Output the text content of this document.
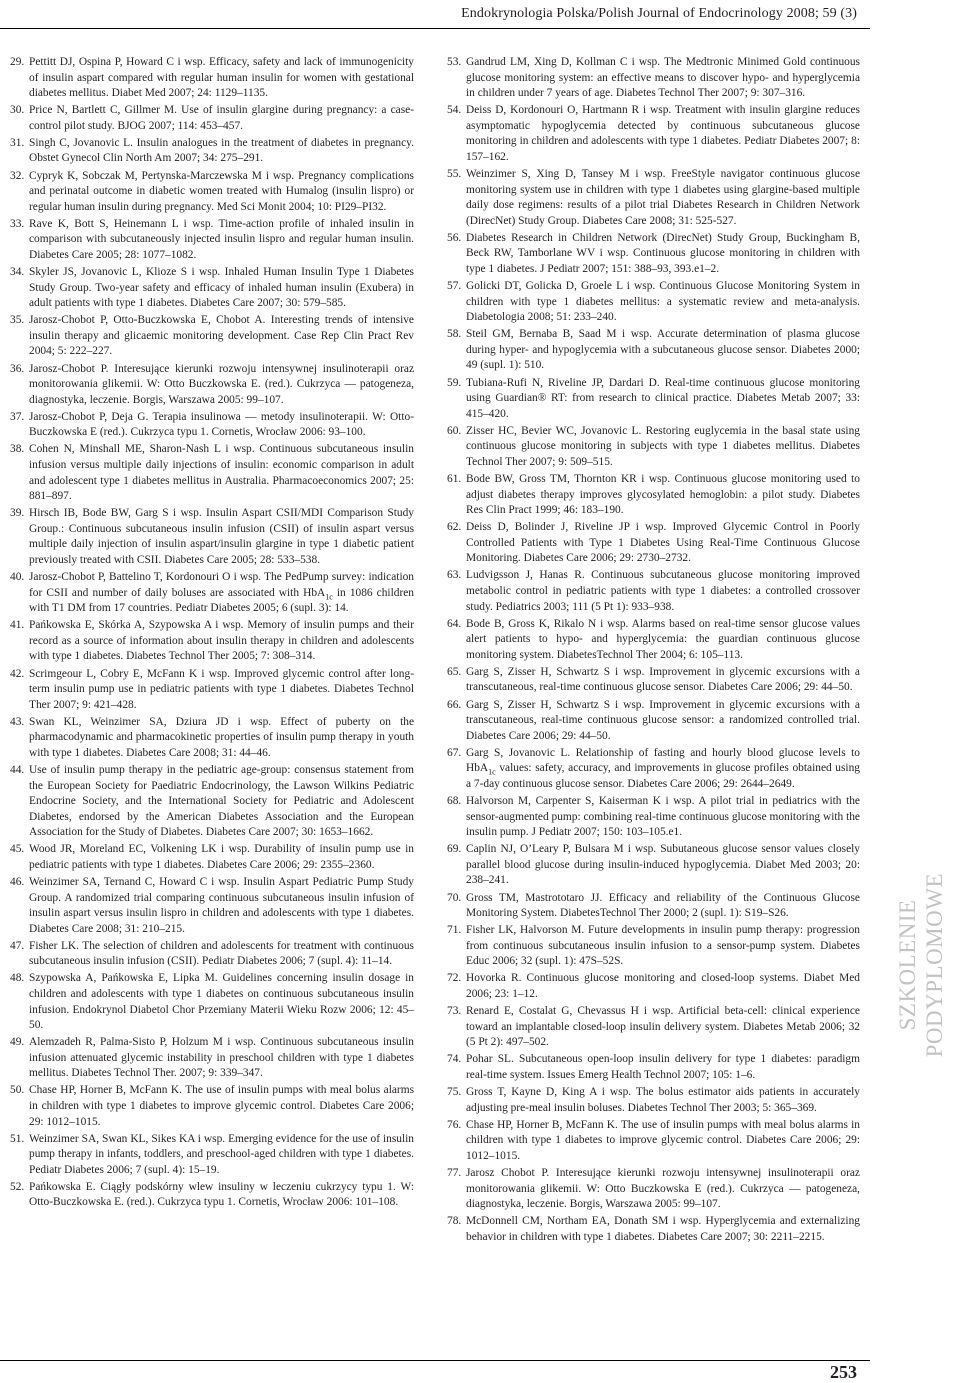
Endokrynologia Polska/Polish Journal of Endocrinology 2008; 59 (3)
29. Pettitt DJ, Ospina P, Howard C i wsp. Efficacy, safety and lack of immunogenicity of insulin aspart compared with regular human insulin for women with gestational diabetes mellitus. Diabet Med 2007; 24: 1129–1135.
30. Price N, Bartlett C, Gillmer M. Use of insulin glargine during pregnancy: a case-control pilot study. BJOG 2007; 114: 453–457.
31. Singh C, Jovanovic L. Insulin analogues in the treatment of diabetes in pregnancy. Obstet Gynecol Clin North Am 2007; 34: 275–291.
32. Cypryk K, Sobczak M, Pertynska-Marczewska M i wsp. Pregnancy complications and perinatal outcome in diabetic women treated with Humalog (insulin lispro) or regular human insulin during pregnancy. Med Sci Monit 2004; 10: PI29–PI32.
33. Rave K, Bott S, Heinemann L i wsp. Time-action profile of inhaled insulin in comparison with subcutaneously injected insulin lispro and regular human insulin. Diabetes Care 2005; 28: 1077–1082.
34. Skyler JS, Jovanovic L, Klioze S i wsp. Inhaled Human Insulin Type 1 Diabetes Study Group. Two-year safety and efficacy of inhaled human insulin (Exubera) in adult patients with type 1 diabetes. Diabetes Care 2007; 30: 579–585.
35. Jarosz-Chobot P, Otto-Buczkowska E, Chobot A. Interesting trends of intensive insulin therapy and glicaemic monitoring development. Case Rep Clin Pract Rev 2004; 5: 222–227.
36. Jarosz-Chobot P. Interesujące kierunki rozwoju intensywnej insulinoterapii oraz monitorowania glikemii. W: Otto Buczkowska E. (red.). Cukrzyca — patogeneza, diagnostyka, leczenie. Borgis, Warszawa 2005: 99–107.
37. Jarosz-Chobot P, Deja G. Terapia insulinowa — metody insulinoterapii. W: Otto-Buczkowska E (red.). Cukrzyca typu 1. Cornetis, Wrocław 2006: 93–100.
38. Cohen N, Minshall ME, Sharon-Nash L i wsp. Continuous subcutaneous insulin infusion versus multiple daily injections of insulin: economic comparison in adult and adolescent type 1 diabetes mellitus in Australia. Pharmacoeconomics 2007; 25: 881–897.
39. Hirsch IB, Bode BW, Garg S i wsp. Insulin Aspart CSII/MDI Comparison Study Group.: Continuous subcutaneous insulin infusion (CSII) of insulin aspart versus multiple daily injection of insulin aspart/insulin glargine in type 1 diabetic patient previously treated with CSII. Diabetes Care 2005; 28: 533–538.
40. Jarosz-Chobot P, Battelino T, Kordonouri O i wsp. The PedPump survey: indication for CSII and number of daily boluses are associated with HbA$_{1c}$ in 1086 children with T1 DM from 17 countries. Pediatr Diabetes 2005; 6 (supl. 3): 14.
41. Pańkowska E, Skórka A, Szypowska A i wsp. Memory of insulin pumps and their record as a source of information about insulin therapy in children and adolescents with type 1 diabetes. Diabetes Technol Ther 2005; 7: 308–314.
42. Scrimgeour L, Cobry E, McFann K i wsp. Improved glycemic control after long-term insulin pump use in pediatric patients with type 1 diabetes. Diabetes Technol Ther 2007; 9: 421–428.
43. Swan KL, Weinzimer SA, Dziura JD i wsp. Effect of puberty on the pharmacodynamic and pharmacokinetic properties of insulin pump therapy in youth with type 1 diabetes. Diabetes Care 2008; 31: 44–46.
44. Use of insulin pump therapy in the pediatric age-group: consensus statement from the European Society for Paediatric Endocrinology, the Lawson Wilkins Pediatric Endocrine Society, and the International Society for Pediatric and Adolescent Diabetes, endorsed by the American Diabetes Association and the European Association for the Study of Diabetes. Diabetes Care 2007; 30: 1653–1662.
45. Wood JR, Moreland EC, Volkening LK i wsp. Durability of insulin pump use in pediatric patients with type 1 diabetes. Diabetes Care 2006; 29: 2355–2360.
46. Weinzimer SA, Ternand C, Howard C i wsp. Insulin Aspart Pediatric Pump Study Group. A randomized trial comparing continuous subcutaneous insulin infusion of insulin aspart versus insulin lispro in children and adolescents with type 1 diabetes. Diabetes Care 2008; 31: 210–215.
47. Fisher LK. The selection of children and adolescents for treatment with continuous subcutaneous insulin infusion (CSII). Pediatr Diabetes 2006; 7 (supl. 4): 11–14.
48. Szypowska A, Pańkowska E, Lipka M. Guidelines concerning insulin dosage in children and adolescents with type 1 diabetes on continuous subcutaneous insulin infusion. Endokrynol Diabetol Chor Przemiany Materii Wieku Rozw 2006; 12: 45–50.
49. Alemzadeh R, Palma-Sisto P, Holzum M i wsp. Continuous subcutaneous insulin infusion attenuated glycemic instability in preschool children with type 1 diabetes mellitus. Diabetes Technol Ther. 2007; 9: 339–347.
50. Chase HP, Horner B, McFann K. The use of insulin pumps with meal bolus alarms in children with type 1 diabetes to improve glycemic control. Diabetes Care 2006; 29: 1012–1015.
51. Weinzimer SA, Swan KL, Sikes KA i wsp. Emerging evidence for the use of insulin pump therapy in infants, toddlers, and preschool-aged children with type 1 diabetes. Pediatr Diabetes 2006; 7 (supl. 4): 15–19.
52. Pańkowska E. Ciągły podskórny wlew insuliny w leczeniu cukrzycy typu 1. W: Otto-Buczkowska E. (red.). Cukrzyca typu 1. Cornetis, Wrocław 2006: 101–108.
53. Gandrud LM, Xing D, Kollman C i wsp. The Medtronic Minimed Gold continuous glucose monitoring system: an effective means to discover hypo- and hyperglycemia in children under 7 years of age. Diabetes Technol Ther 2007; 9: 307–316.
54. Deiss D, Kordonouri O, Hartmann R i wsp. Treatment with insulin glargine reduces asymptomatic hypoglycemia detected by continuous subcutaneous glucose monitoring in children and adolescents with type 1 diabetes. Pediatr Diabetes 2007; 8: 157–162.
55. Weinzimer S, Xing D, Tansey M i wsp. FreeStyle navigator continuous glucose monitoring system use in children with type 1 diabetes using glargine-based multiple daily dose regimens: results of a pilot trial Diabetes Research in Children Network (DirecNet) Study Group. Diabetes Care 2008; 31: 525-527.
56. Diabetes Research in Children Network (DirecNet) Study Group, Buckingham B, Beck RW, Tamborlane WV i wsp. Continuous glucose monitoring in children with type 1 diabetes. J Pediatr 2007; 151: 388–93, 393.e1–2.
57. Golicki DT, Golicka D, Groele L i wsp. Continuous Glucose Monitoring System in children with type 1 diabetes mellitus: a systematic review and meta-analysis. Diabetologia 2008; 51: 233–240.
58. Steil GM, Bernaba B, Saad M i wsp. Accurate determination of plasma glucose during hyper- and hypoglycemia with a subcutaneous glucose sensor. Diabetes 2000; 49 (supl. 1): 510.
59. Tubiana-Rufi N, Riveline JP, Dardari D. Real-time continuous glucose monitoring using Guardian® RT: from research to clinical practice. Diabetes Metab 2007; 33: 415–420.
60. Zisser HC, Bevier WC, Jovanovic L. Restoring euglycemia in the basal state using continuous glucose monitoring in subjects with type 1 diabetes mellitus. Diabetes Technol Ther 2007; 9: 509–515.
61. Bode BW, Gross TM, Thornton KR i wsp. Continuous glucose monitoring used to adjust diabetes therapy improves glycosylated hemoglobin: a pilot study. Diabetes Res Clin Pract 1999; 46: 183–190.
62. Deiss D, Bolinder J, Riveline JP i wsp. Improved Glycemic Control in Poorly Controlled Patients with Type 1 Diabetes Using Real-Time Continuous Glucose Monitoring. Diabetes Care 2006; 29: 2730–2732.
63. Ludvigsson J, Hanas R. Continuous subcutaneous glucose monitoring improved metabolic control in pediatric patients with type 1 diabetes: a controlled crossover study. Pediatrics 2003; 111 (5 Pt 1): 933–938.
64. Bode B, Gross K, Rikalo N i wsp. Alarms based on real-time sensor glucose values alert patients to hypo- and hyperglycemia: the guardian continuous glucose monitoring system. DiabetesTechnol Ther 2004; 6: 105–113.
65. Garg S, Zisser H, Schwartz S i wsp. Improvement in glycemic excursions with a transcutaneous, real-time continuous glucose sensor. Diabetes Care 2006; 29: 44–50.
66. Garg S, Zisser H, Schwartz S i wsp. Improvement in glycemic excursions with a transcutaneous, real-time continuous glucose sensor: a randomized controlled trial. Diabetes Care 2006; 29: 44–50.
67. Garg S, Jovanovic L. Relationship of fasting and hourly blood glucose levels to HbA$_{1c}$ values: safety, accuracy, and improvements in glucose profiles obtained using a 7-day continuous glucose sensor. Diabetes Care 2006; 29: 2644–2649.
68. Halvorson M, Carpenter S, Kaiserman K i wsp. A pilot trial in pediatrics with the sensor-augmented pump: combining real-time continuous glucose monitoring with the insulin pump. J Pediatr 2007; 150: 103–105.e1.
69. Caplin NJ, O’Leary P, Bulsara M i wsp. Subutaneous glucose sensor values closely parallel blood glucose during insulin-induced hypoglycemia. Diabet Med 2003; 20: 238–241.
70. Gross TM, Mastrototaro JJ. Efficacy and reliability of the Continuous Glucose Monitoring System. DiabetesTechnol Ther 2000; 2 (supl. 1): S19–S26.
71. Fisher LK, Halvorson M. Future developments in insulin pump therapy: progression from continuous subcutaneous insulin infusion to a sensor-pump system. Diabetes Educ 2006; 32 (supl. 1): 47S–52S.
72. Hovorka R. Continuous glucose monitoring and closed-loop systems. Diabet Med 2006; 23: 1–12.
73. Renard E, Costalat G, Chevassus H i wsp. Artificial beta-cell: clinical experience toward an implantable closed-loop insulin delivery system. Diabetes Metab 2006; 32 (5 Pt 2): 497–502.
74. Pohar SL. Subcutaneous open-loop insulin delivery for type 1 diabetes: paradigm real-time system. Issues Emerg Health Technol 2007; 105: 1–6.
75. Gross T, Kayne D, King A i wsp. The bolus estimator aids patients in accurately adjusting pre-meal insulin boluses. Diabetes Technol Ther 2003; 5: 365–369.
76. Chase HP, Horner B, McFann K. The use of insulin pumps with meal bolus alarms in children with type 1 diabetes to improve glycemic control. Diabetes Care 2006; 29: 1012–1015.
77. Jarosz Chobot P. Interesujące kierunki rozwoju intensywnej insulinoterapii oraz monitorowania glikemii. W: Otto Buczkowska E (red.). Cukrzyca — patogeneza, diagnostyka, leczenie. Borgis, Warszawa 2005: 99–107.
78. McDonnell CM, Northam EA, Donath SM i wsp. Hyperglycemia and externalizing behavior in children with type 1 diabetes. Diabetes Care 2007; 30: 2211–2215.
SZKOLENIE PODYPLOMOWE
253
